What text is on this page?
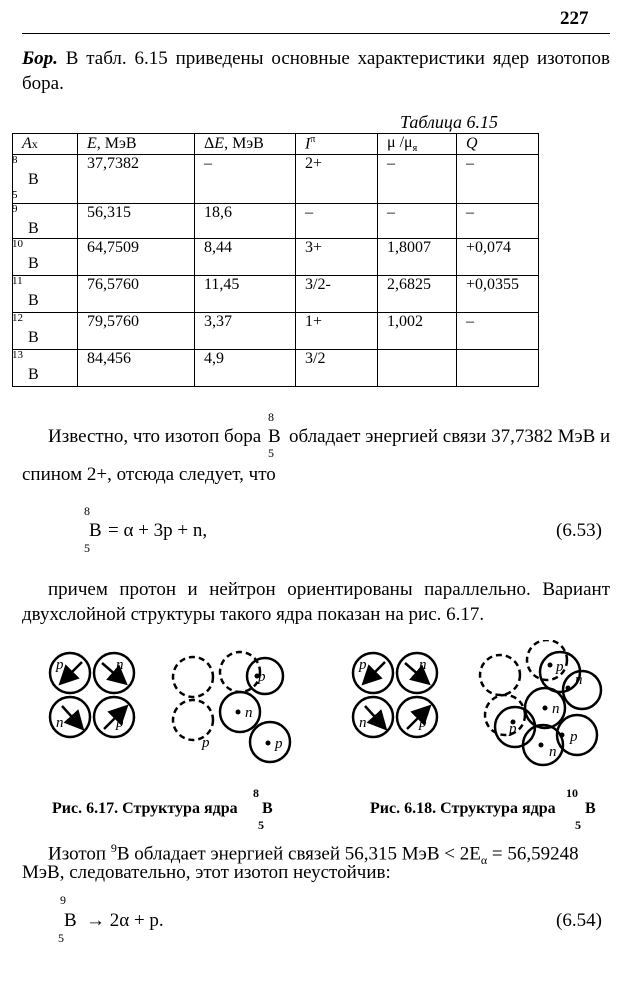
227
Бор. В табл. 6.15 приведены основные характеристики ядер изотопов бора.
Таблица 6.15
Ax	E, МэВ	ΔE, МэВ	$I^\pi$	μ $/\mu_я$	Q

8
B
5	37,7382	–	2+	–	–

9
B	56,315	18,6	–	–	–

10
B	64,7509	8,44	3+	1,8007	+0,074

11
B	76,5760	11,45	3/2-	2,6825	+0,0355

12
B	79,5760	3,37	1+	1,002	–

13
B	84,456	4,9	3/2		
Известно, что изотоп бора
8
B
5
обладает энергией связи 37,7382 МэВ и
спином 2+, отсюда следует, что
8
B
5
= α + 3p + n,	(6.53)
причем протон и нейтрон ориентированы параллельно. Вариант двухслойной структуры такого ядра показан на рис. 6.17.
p	n
n	p
p
n
p	p
p	n
n	p
p
n
n
p	p
n
Рис. 6.17. Структура ядра
8
B
5
Рис. 6.18. Структура ядра
10
B
5
Изотоп $^9$B обладает энергией связей 56,315 МэВ < $2E_\alpha = 56,59248$
МэВ, следовательно, этот изотоп неустойчив:
9
B
5
→ 2α + p.	(6.54)
